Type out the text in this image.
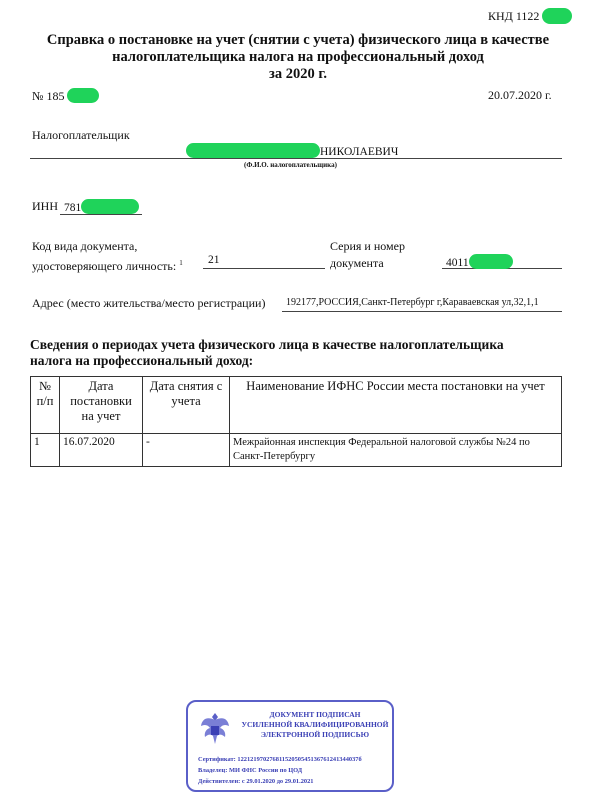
КНД 1122
Справка о постановке на учет (снятии с учета) физического лица в качестве
налогоплательщика налога на профессиональный доход
за 2020 г.
№ 185	20.07.2020 г.
Налогоплательщик
НИКОЛАЕВИЧ
(Ф.И.О. налогоплательщика)
ИНН 781
Код вида документа,
удостоверяющего личность: $^1$ 21
Серия и номер
документа	4011
Адрес (место жительства/место регистрации) 192177,РОССИЯ,Санкт-Петербург г,Караваевская ул,32,1,1
Сведения о периодах учета физического лица в качестве налогоплательщика
налога на профессиональный доход:
№ п/п	Дата постановки на учет	Дата снятия с учета	Наименование ИФНС России места постановки на учет
1	16.07.2020	-	Межрайонная инспекция Федеральной налоговой службы №24 по Санкт-Петербургу
ДОКУМЕНТ ПОДПИСАН
УСИЛЕННОЙ КВАЛИФИЦИРОВАННОЙ
ЭЛЕКТРОННОЙ ПОДПИСЬЮ
Сертификат: 12212197027681152050545136761241344037б
Владелец: МИ ФНС России по ЦОД
Действителен: с 29.01.2020 до 29.01.2021
